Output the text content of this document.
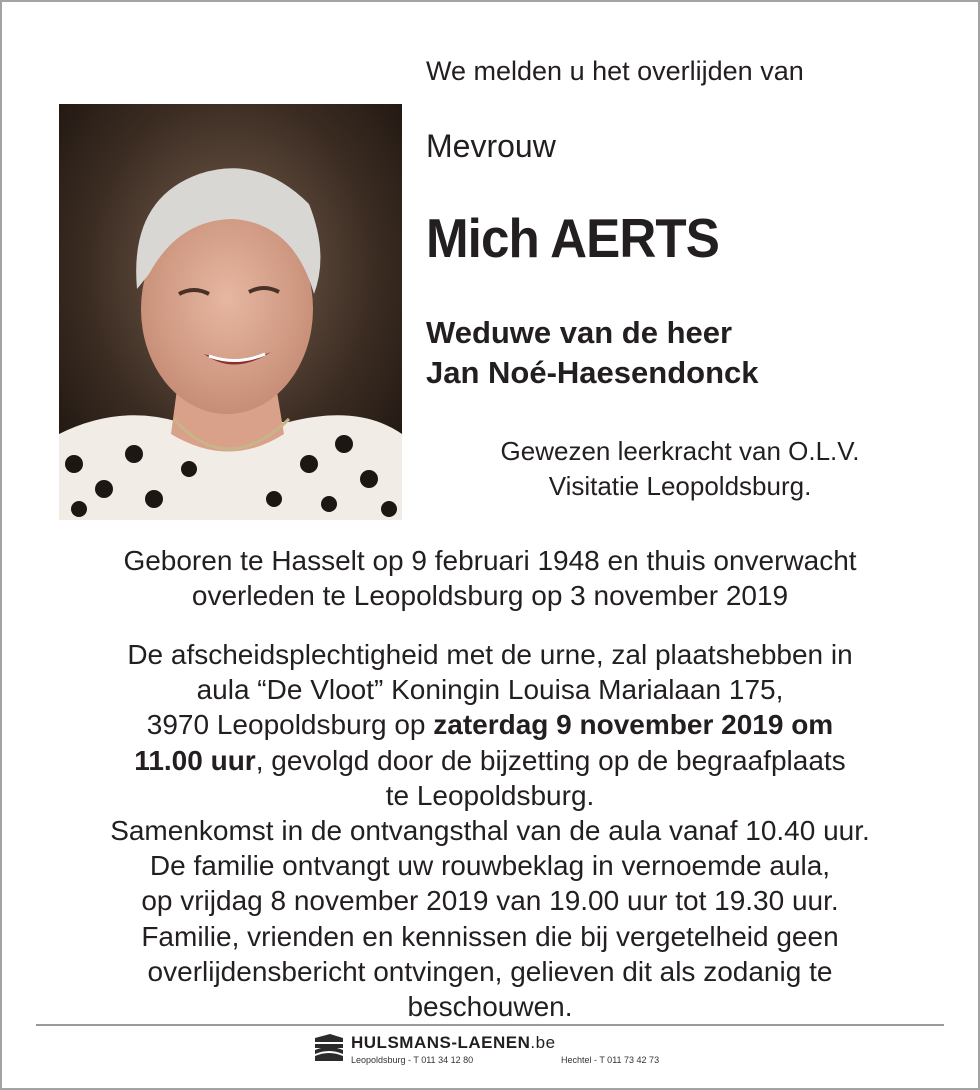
We melden u het overlijden van
Mevrouw
Mich AERTS
Weduwe van de heer
Jan Noé-Haesendonck
Gewezen leerkracht van O.L.V.
Visitatie Leopoldsburg.
Geboren te Hasselt op 9 februari 1948 en thuis onverwacht
overleden te Leopoldsburg op 3 november 2019
De afscheidsplechtigheid met de urne, zal plaatshebben in
aula “De Vloot” Koningin Louisa Marialaan 175,
3970 Leopoldsburg op zaterdag 9 november 2019 om
11.00 uur, gevolgd door de bijzetting op de begraafplaats
te Leopoldsburg.
Samenkomst in de ontvangsthal van de aula vanaf 10.40 uur.
De familie ontvangt uw rouwbeklag in vernoemde aula,
op vrijdag 8 november 2019 van 19.00 uur tot 19.30 uur.
Familie, vrienden en kennissen die bij vergetelheid geen
overlijdensbericht ontvingen, gelieven dit als zodanig te
beschouwen.
HULSMANS-LAENEN.be
Leopoldsburg - T 011 34 12 80	Hechtel - T 011 73 42 73
